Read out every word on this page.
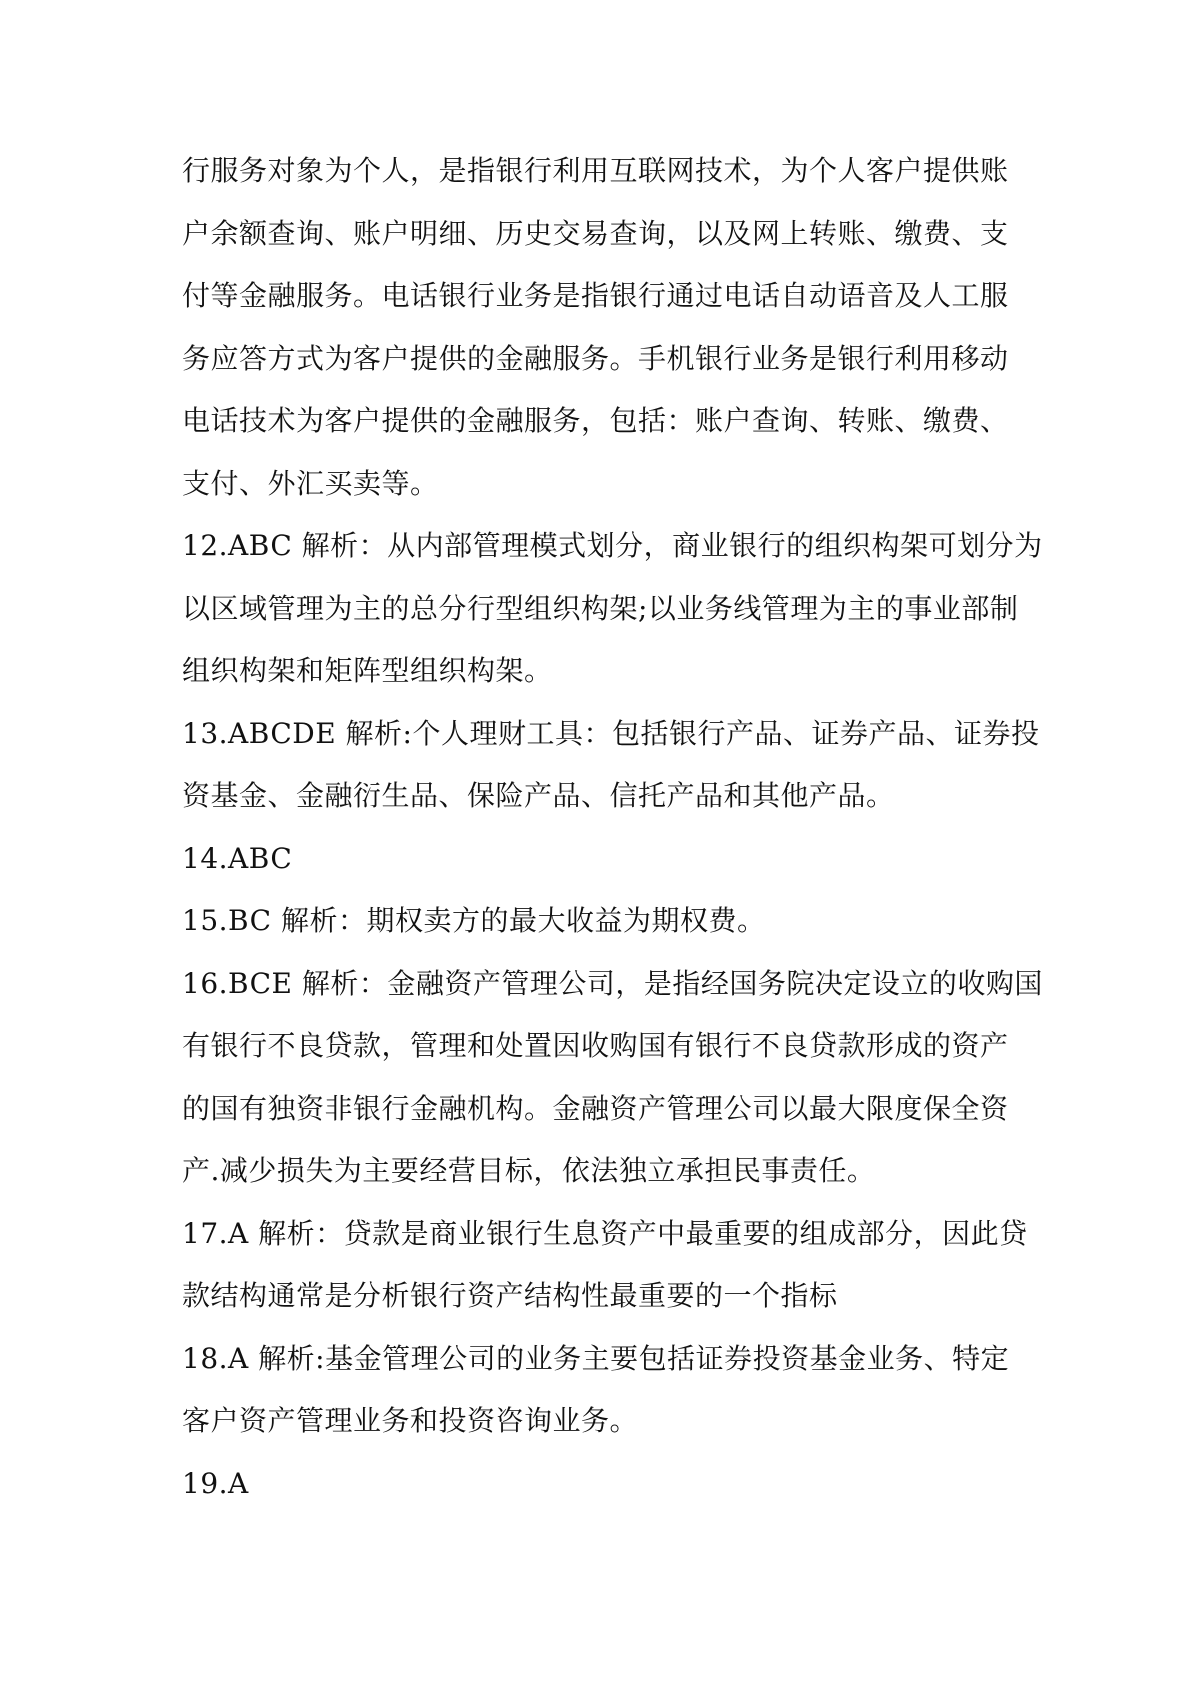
行服务对象为个人，是指银行利用互联网技术，为个人客户提供账
户余额查询、账户明细、历史交易查询，以及网上转账、缴费、支
付等金融服务。电话银行业务是指银行通过电话自动语音及人工服
务应答方式为客户提供的金融服务。手机银行业务是银行利用移动
电话技术为客户提供的金融服务，包括：账户查询、转账、缴费、
支付、外汇买卖等。
12.ABC 解析：从内部管理模式划分，商业银行的组织构架可划分为
以区域管理为主的总分行型组织构架;以业务线管理为主的事业部制
组织构架和矩阵型组织构架。
13.ABCDE 解析:个人理财工具：包括银行产品、证券产品、证券投
资基金、金融衍生品、保险产品、信托产品和其他产品。
14.ABC
15.BC 解析：期权卖方的最大收益为期权费。
16.BCE 解析：金融资产管理公司，是指经国务院决定设立的收购国
有银行不良贷款，管理和处置因收购国有银行不良贷款形成的资产
的国有独资非银行金融机构。金融资产管理公司以最大限度保全资
产.减少损失为主要经营目标，依法独立承担民事责任。
17.A 解析：贷款是商业银行生息资产中最重要的组成部分，因此贷
款结构通常是分析银行资产结构性最重要的一个指标
18.A 解析:基金管理公司的业务主要包括证券投资基金业务、特定
客户资产管理业务和投资咨询业务。
19.A
